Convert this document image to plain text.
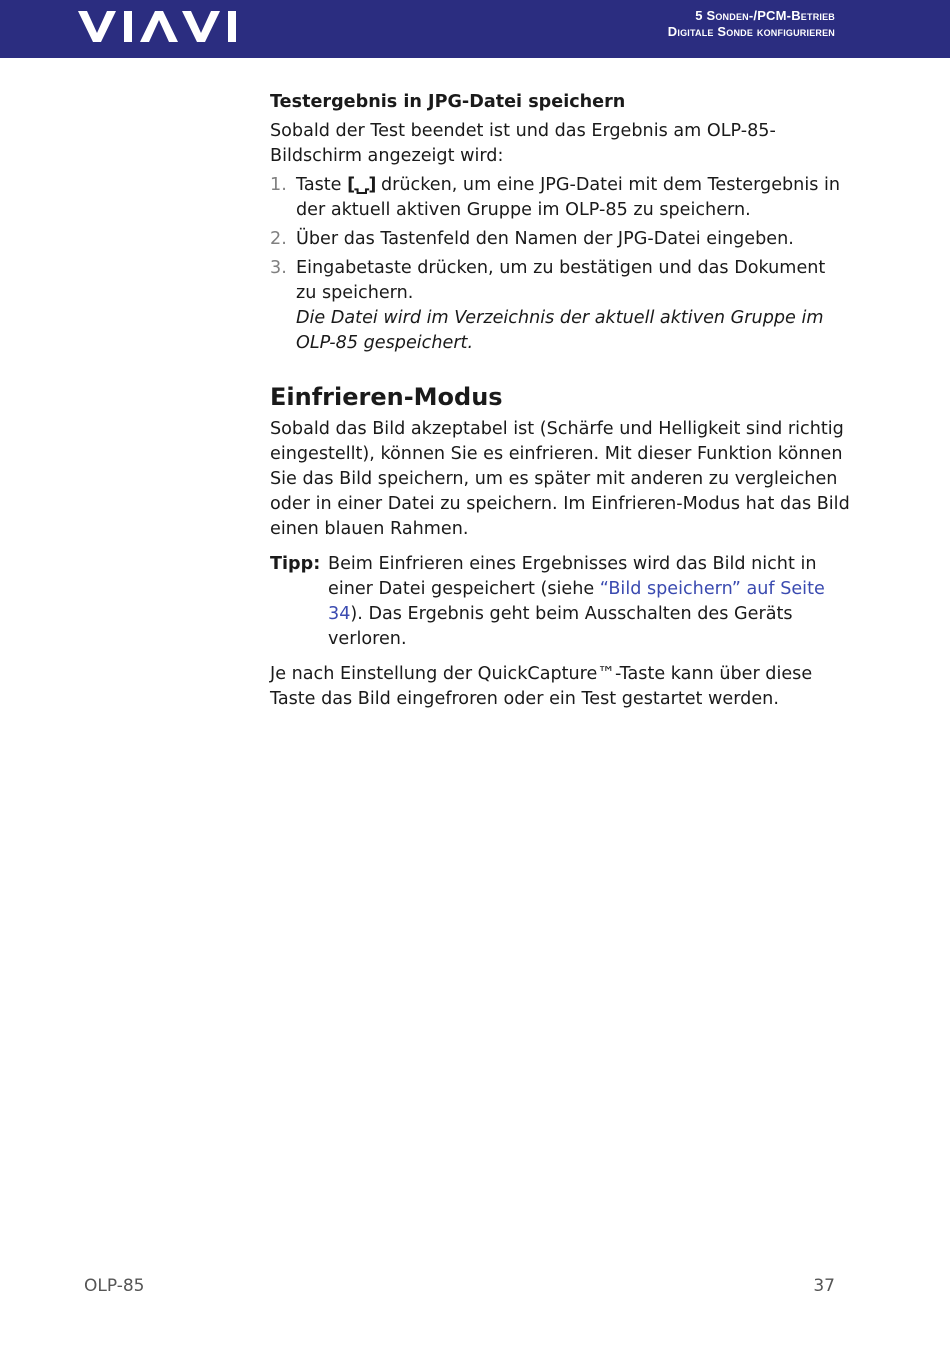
5 Sonden-/PCM-Betrieb
Digitale Sonde konfigurieren
Testergebnis in JPG-Datei speichern

Sobald der Test beendet ist und das Ergebnis am OLP-85-Bildschirm angezeigt wird:

1. Taste [⍽] drücken, um eine JPG-Datei mit dem Testergebnis in der aktuell aktiven Gruppe im OLP-85 zu speichern.
2. Über das Tastenfeld den Namen der JPG-Datei eingeben.
3. Eingabetaste drücken, um zu bestätigen und das Dokument zu speichern.
Die Datei wird im Verzeichnis der aktuell aktiven Gruppe im OLP-85 gespeichert.
Einfrieren-Modus

Sobald das Bild akzeptabel ist (Schärfe und Helligkeit sind richtig eingestellt), können Sie es einfrieren. Mit dieser Funktion können Sie das Bild speichern, um es später mit anderen zu vergleichen oder in einer Datei zu speichern. Im Einfrieren-Modus hat das Bild einen blauen Rahmen.

Tipp: Beim Einfrieren eines Ergebnisses wird das Bild nicht in einer Datei gespeichert (siehe “Bild speichern” auf Seite 34). Das Ergebnis geht beim Ausschalten des Geräts verloren.

Je nach Einstellung der QuickCapture™-Taste kann über diese Taste das Bild eingefroren oder ein Test gestartet werden.

OLP-85	37
